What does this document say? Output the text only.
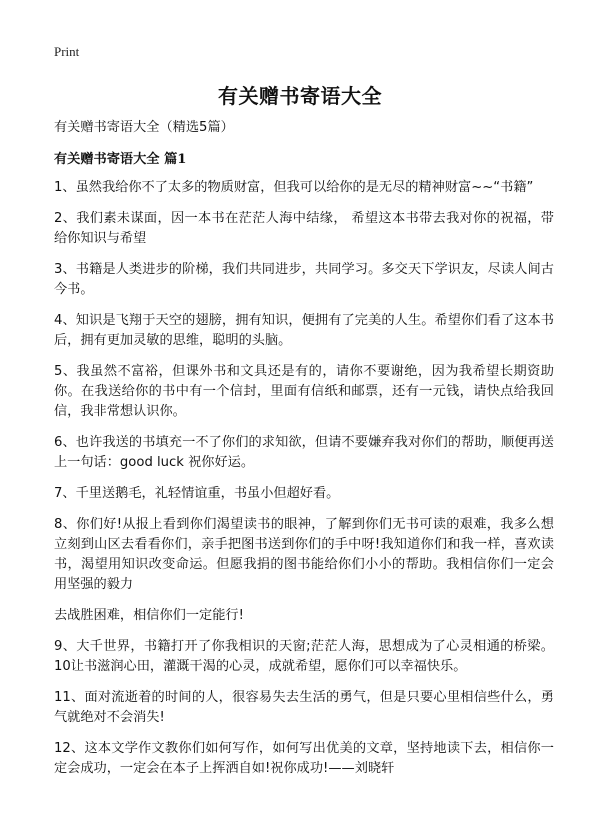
Print
有关赠书寄语大全

有关赠书寄语大全（精选5篇）

有关赠书寄语大全 篇1

1、虽然我给你不了太多的物质财富，但我可以给你的是无尽的精神财富~~“书籍”

2、我们素未谋面，因一本书在茫茫人海中结缘， 希望这本书带去我对你的祝福，带给你知识与希望

3、书籍是人类进步的阶梯，我们共同进步，共同学习。多交天下学识友，尽读人间古今书。

4、知识是飞翔于天空的翅膀，拥有知识，便拥有了完美的人生。希望你们看了这本书后，拥有更加灵敏的思维，聪明的头脑。

5、我虽然不富裕，但课外书和文具还是有的，请你不要谢绝，因为我希望长期资助你。在我送给你的书中有一个信封，里面有信纸和邮票，还有一元钱，请快点给我回信，我非常想认识你。

6、也许我送的书填充一不了你们的求知欲，但请不要嫌弃我对你们的帮助，顺便再送上一句话：good luck 祝你好运。

7、千里送鹅毛，礼轻情谊重，书虽小但超好看。

8、你们好!从报上看到你们渴望读书的眼神，了解到你们无书可读的艰难，我多么想立刻到山区去看看你们，亲手把图书送到你们的手中呀!我知道你们和我一样，喜欢读书，渴望用知识改变命运。但愿我捐的图书能给你们小小的帮助。我相信你们一定会用坚强的毅力

去战胜困难，相信你们一定能行!

9、大千世界，书籍打开了你我相识的天窗;茫茫人海，思想成为了心灵相通的桥梁。 10让书滋润心田，灌溉干渴的心灵，成就希望，愿你们可以幸福快乐。

11、面对流逝着的时间的人，很容易失去生活的勇气，但是只要心里相信些什么，勇气就绝对不会消失!

12、这本文学作文教你们如何写作，如何写出优美的文章，坚持地读下去，相信你一定会成功，一定会在本子上挥洒自如!祝你成功!——刘晓轩
